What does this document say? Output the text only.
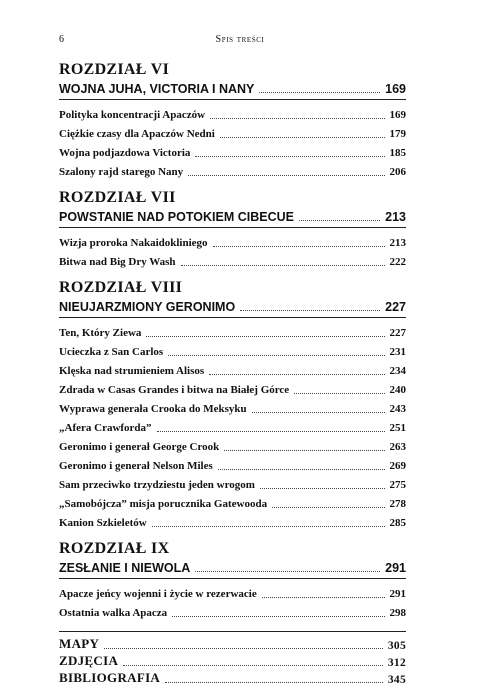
6	Spis treści
ROZDZIAŁ VI
WOJNA JUHA, VICTORIA I NANY	169
Polityka koncentracji Apaczów	169
Ciężkie czasy dla Apaczów Nedni	179
Wojna podjazdowa Victoria	185
Szalony rajd starego Nany	206
ROZDZIAŁ VII
POWSTANIE NAD POTOKIEM CIBECUE	213
Wizja proroka Nakaidokliniego	213
Bitwa nad Big Dry Wash	222
ROZDZIAŁ VIII
NIEUJARZMIONY GERONIMO	227
Ten, Który Ziewa	227
Ucieczka z San Carlos	231
Klęska nad strumieniem Alisos	234
Zdrada w Casas Grandes i bitwa na Białej Górce	240
Wyprawa generała Crooka do Meksyku	243
„Afera Crawforda”	251
Geronimo i generał George Crook	263
Geronimo i generał Nelson Miles	269
Sam przeciwko trzydziestu jeden wrogom	275
„Samobójcza” misja porucznika Gatewooda	278
Kanion Szkieletów	285
ROZDZIAŁ IX
ZESŁANIE I NIEWOLA	291
Apacze jeńcy wojenni i życie w rezerwacie	291
Ostatnia walka Apacza	298
MAPY	305
ZDJĘCIA	312
BIBLIOGRAFIA	345
